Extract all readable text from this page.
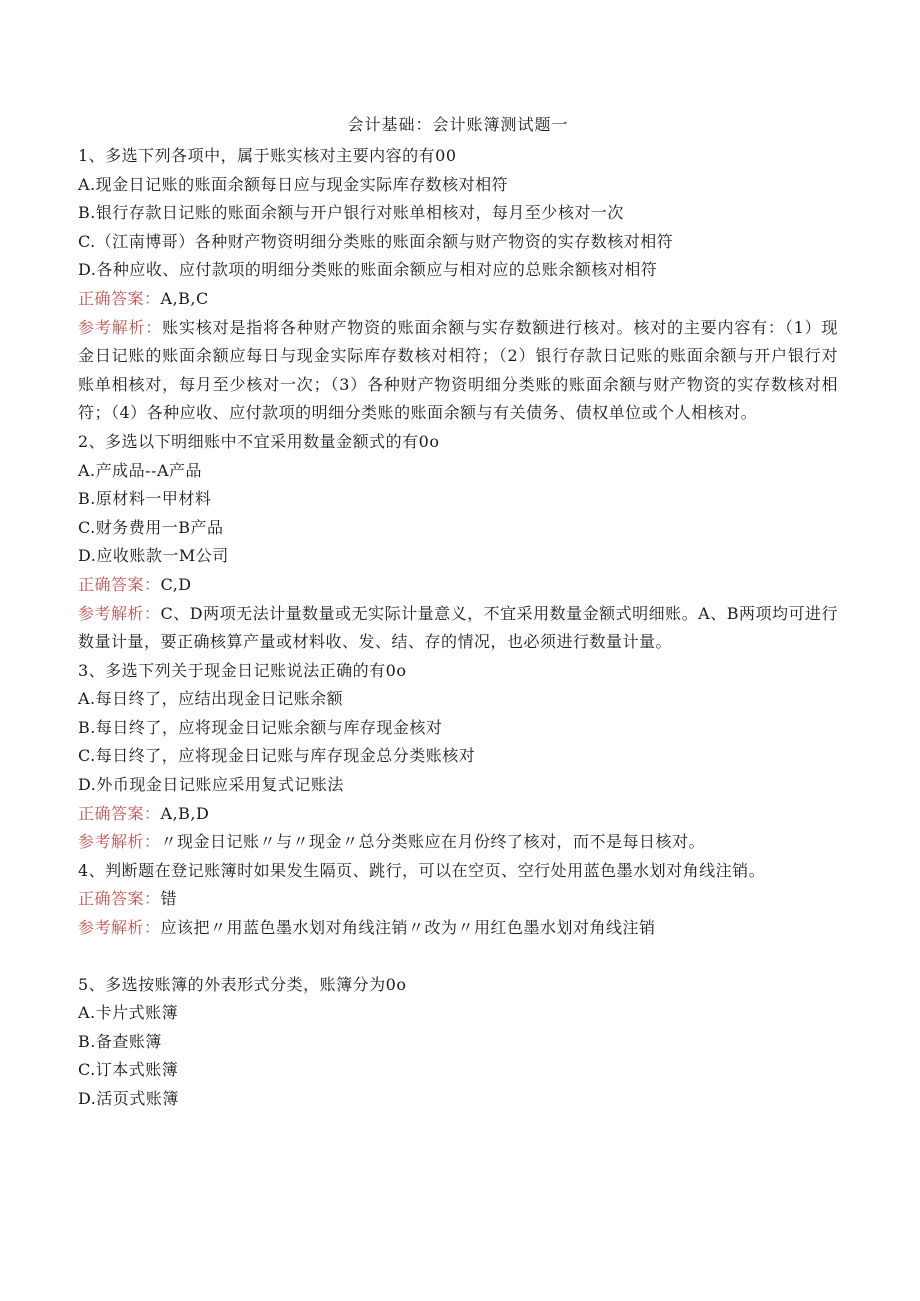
会计基础：会计账簿测试题一

1、多选下列各项中，属于账实核对主要内容的有00

A.现金日记账的账面余额每日应与现金实际库存数核对相符

B.银行存款日记账的账面余额与开户银行对账单相核对，每月至少核对一次

C.（江南博哥）各种财产物资明细分类账的账面余额与财产物资的实存数核对相符

D.各种应收、应付款项的明细分类账的账面余额应与相对应的总账余额核对相符

正确答案：A,B,C

参考解析：账实核对是指将各种财产物资的账面余额与实存数额进行核对。核对的主要内容有：（1）现金日记账的账面余额应每日与现金实际库存数核对相符；（2）银行存款日记账的账面余额与开户银行对账单相核对，每月至少核对一次；（3）各种财产物资明细分类账的账面余额与财产物资的实存数核对相符；（4）各种应收、应付款项的明细分类账的账面余额与有关债务、债权单位或个人相核对。

2、多选以下明细账中不宜采用数量金额式的有0o

A.产成品--A产品

B.原材料一甲材料

C.财务费用一B产品

D.应收账款一M公司

正确答案：C,D

参考解析：C、D两项无法计量数量或无实际计量意义，不宜采用数量金额式明细账。A、B两项均可进行数量计量，要正确核算产量或材料收、发、结、存的情况，也必须进行数量计量。

3、多选下列关于现金日记账说法正确的有0o

A.每日终了，应结出现金日记账余额

B.每日终了，应将现金日记账余额与库存现金核对

C.每日终了，应将现金日记账与库存现金总分类账核对

D.外币现金日记账应采用复式记账法

正确答案：A,B,D

参考解析：〃现金日记账〃与〃现金〃总分类账应在月份终了核对，而不是每日核对。

4、判断题在登记账簿时如果发生隔页、跳行，可以在空页、空行处用蓝色墨水划对角线注销。

正确答案：错

参考解析：应该把〃用蓝色墨水划对角线注销〃改为〃用红色墨水划对角线注销

5、多选按账簿的外表形式分类，账簿分为0o

A.卡片式账簿

B.备查账簿

C.订本式账簿

D.活页式账簿
